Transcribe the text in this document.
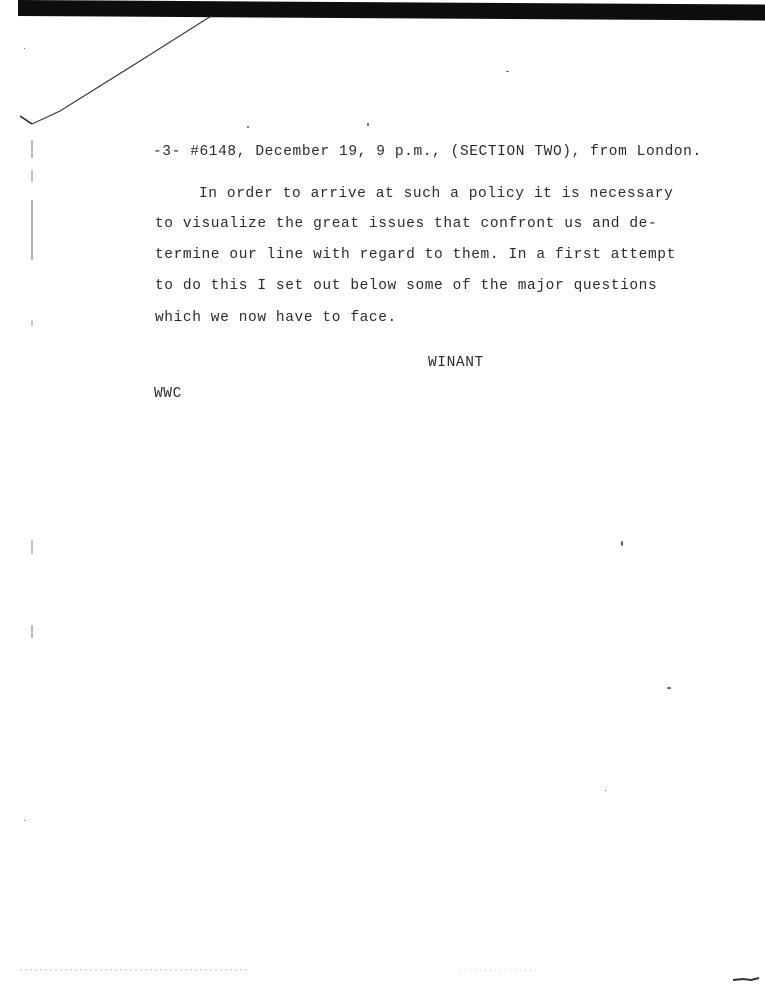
-3- #6148, December 19, 9 p.m., (SECTION TWO), from London.
In order to arrive at such a policy it is necessary
to visualize the great issues that confront us and de-
termine our line with regard to them. In a first attempt
to do this I set out below some of the major questions
which we now have to face.
WINANT
WWC
